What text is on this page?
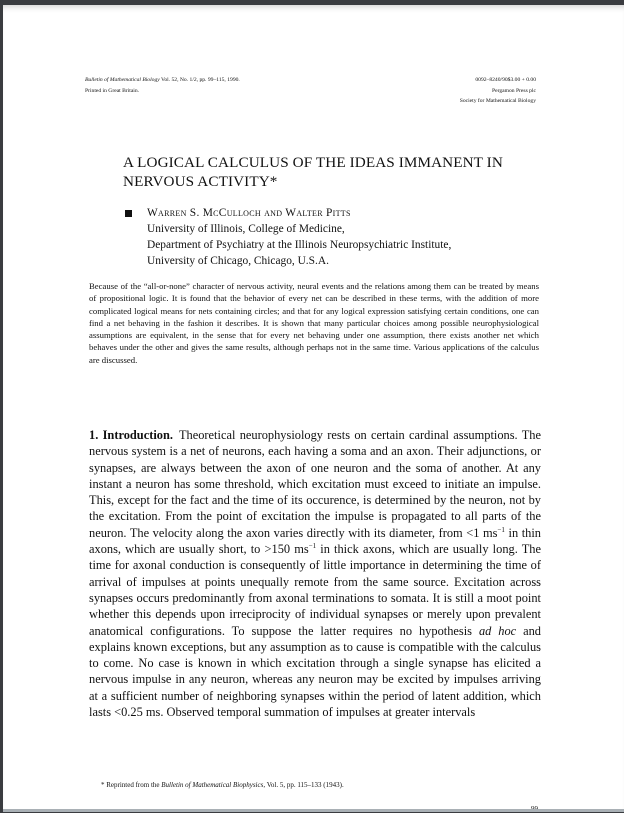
Bulletin of Mathematical Biology Vol. 52, No. 1/2, pp. 99–115, 1990.
Printed in Great Britain.
0092–8240/90$3.00 + 0.00
Pergamon Press plc
Society for Mathematical Biology
A LOGICAL CALCULUS OF THE IDEAS IMMANENT IN
NERVOUS ACTIVITY*
Warren S. McCulloch and Walter Pitts
University of Illinois, College of Medicine,
Department of Psychiatry at the Illinois Neuropsychiatric Institute,
University of Chicago, Chicago, U.S.A.
Because of the “all-or-none” character of nervous activity, neural events and the relations among them can be treated by means of propositional logic. It is found that the behavior of every net can be described in these terms, with the addition of more complicated logical means for nets containing circles; and that for any logical expression satisfying certain conditions, one can find a net behaving in the fashion it describes. It is shown that many particular choices among possible neurophysiological assumptions are equivalent, in the sense that for every net behaving under one assumption, there exists another net which behaves under the other and gives the same results, although perhaps not in the same time. Various applications of the calculus are discussed.
1. Introduction. Theoretical neurophysiology rests on certain cardinal assumptions. The nervous system is a net of neurons, each having a soma and an axon. Their adjunctions, or synapses, are always between the axon of one neuron and the soma of another. At any instant a neuron has some threshold, which excitation must exceed to initiate an impulse. This, except for the fact and the time of its occurence, is determined by the neuron, not by the excitation. From the point of excitation the impulse is propagated to all parts of the neuron. The velocity along the axon varies directly with its diameter, from <1 $ms^{-1}$ in thin axons, which are usually short, to >150 $ms^{-1}$ in thick axons, which are usually long. The time for axonal conduction is consequently of little importance in determining the time of arrival of impulses at points unequally remote from the same source. Excitation across synapses occurs predominantly from axonal terminations to somata. It is still a moot point whether this depends upon irreciprocity of individual synapses or merely upon prevalent anatomical configurations. To suppose the latter requires no hypothesis ad hoc and explains known exceptions, but any assumption as to cause is compatible with the calculus to come. No case is known in which excitation through a single synapse has elicited a nervous impulse in any neuron, whereas any neuron may be excited by impulses arriving at a sufficient number of neighboring synapses within the period of latent addition, which lasts <0.25 ms. Observed temporal summation of impulses at greater intervals
* Reprinted from the Bulletin of Mathematical Biophysics, Vol. 5, pp. 115–133 (1943).
